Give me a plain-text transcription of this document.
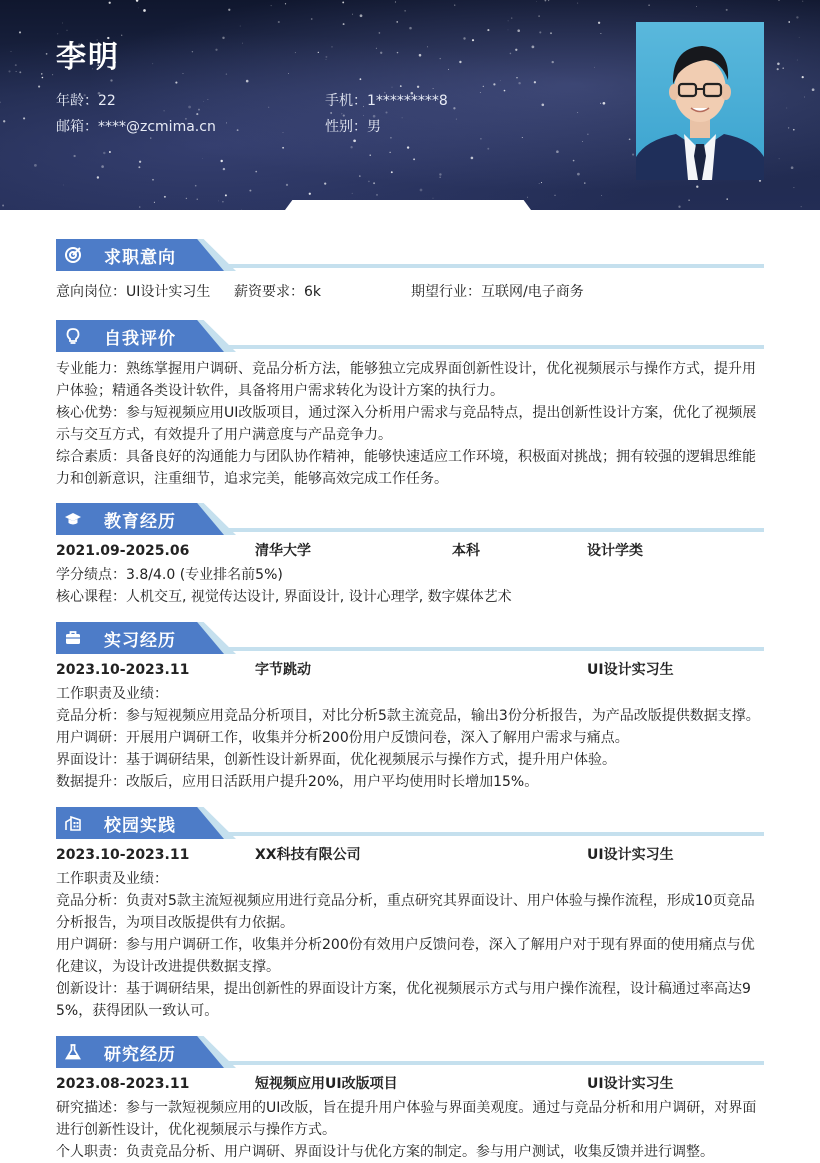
李明
年龄：22
邮箱：****@zcmima.cn
手机：1*********8
性别：男
求职意向
意向岗位：UI设计实习生 薪资要求：6k	期望行业：互联网/电子商务
自我评价
专业能力：熟练掌握用户调研、竞品分析方法，能够独立完成界面创新性设计，优化视频展示与操作方式，提升用
户体验；精通各类设计软件，具备将用户需求转化为设计方案的执行力。
核心优势：参与短视频应用UI改版项目，通过深入分析用户需求与竞品特点，提出创新性设计方案，优化了视频展
示与交互方式，有效提升了用户满意度与产品竞争力。
综合素质：具备良好的沟通能力与团队协作精神，能够快速适应工作环境，积极面对挑战；拥有较强的逻辑思维能
力和创新意识，注重细节，追求完美，能够高效完成工作任务。
教育经历
2021.09-2025.06	清华大学	本科	设计学类
学分绩点：3.8/4.0 (专业排名前5%)
核心课程：人机交互, 视觉传达设计, 界面设计, 设计心理学, 数字媒体艺术
实习经历
2023.10-2023.11	字节跳动	UI设计实习生
工作职责及业绩：
竞品分析：参与短视频应用竞品分析项目，对比分析5款主流竞品，输出3份分析报告，为产品改版提供数据支撑。
用户调研：开展用户调研工作，收集并分析200份用户反馈问卷，深入了解用户需求与痛点。
界面设计：基于调研结果，创新性设计新界面，优化视频展示与操作方式，提升用户体验。
数据提升：改版后，应用日活跃用户提升20%，用户平均使用时长增加15%。
校园实践
2023.10-2023.11	XX科技有限公司	UI设计实习生
工作职责及业绩：
竞品分析：负责对5款主流短视频应用进行竞品分析，重点研究其界面设计、用户体验与操作流程，形成10页竞品
分析报告，为项目改版提供有力依据。
用户调研：参与用户调研工作，收集并分析200份有效用户反馈问卷，深入了解用户对于现有界面的使用痛点与优
化建议，为设计改进提供数据支撑。
创新设计：基于调研结果，提出创新性的界面设计方案，优化视频展示方式与用户操作流程，设计稿通过率高达9
5%，获得团队一致认可。
研究经历
2023.08-2023.11	短视频应用UI改版项目	UI设计实习生
研究描述：参与一款短视频应用的UI改版，旨在提升用户体验与界面美观度。通过与竞品分析和用户调研，对界面
进行创新性设计，优化视频展示与操作方式。
个人职责：负责竞品分析、用户调研、界面设计与优化方案的制定。参与用户测试，收集反馈并进行调整。
